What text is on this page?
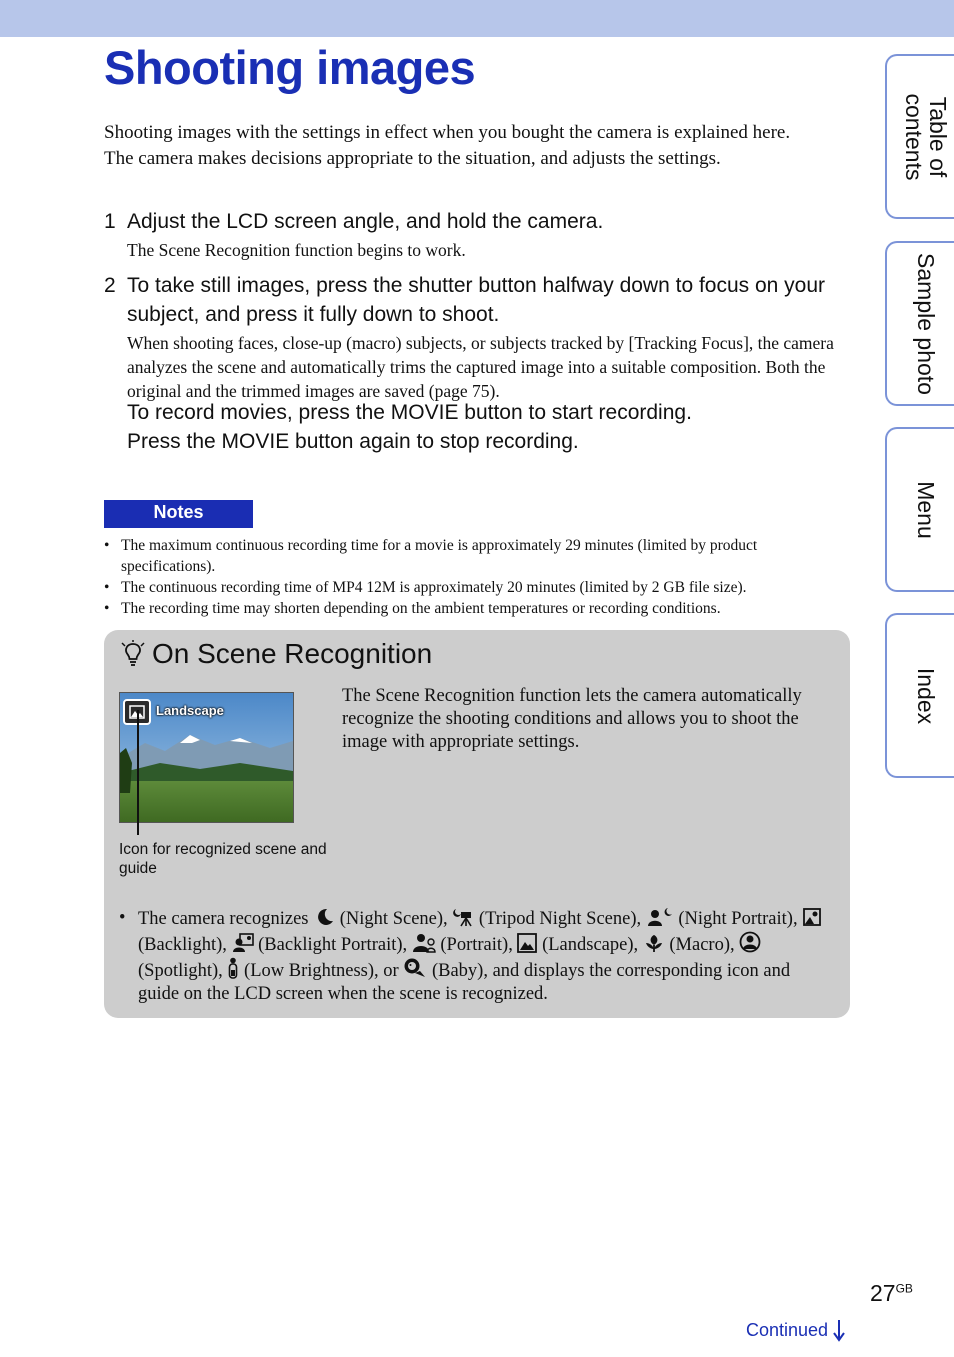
Shooting images

Shooting images with the settings in effect when you bought the camera is explained here.

The camera makes decisions appropriate to the situation, and adjusts the settings.

1 Adjust the LCD screen angle, and hold the camera.
The Scene Recognition function begins to work.
2 To take still images, press the shutter button halfway down to focus on your subject, and press it fully down to shoot.
When shooting faces, close-up (macro) subjects, or subjects tracked by [Tracking Focus], the camera analyzes the scene and automatically trims the captured image into a suitable composition. Both the original and the trimmed images are saved (page 75).
To record movies, press the MOVIE button to start recording.
Press the MOVIE button again to stop recording.
Notes
• The maximum continuous recording time for a movie is approximately 29 minutes (limited by product specifications).
• The continuous recording time of MP4 12M is approximately 20 minutes (limited by 2 GB file size).
• The recording time may shorten depending on the ambient temperatures or recording conditions.
On Scene Recognition
Landscape
Icon for recognized scene and guide
The Scene Recognition function lets the camera automatically recognize the shooting conditions and allows you to shoot the image with appropriate settings.
• The camera recognizes (Night Scene), (Tripod Night Scene), (Night Portrait),  (Backlight), (Backlight Portrait), (Portrait), (Landscape), (Macro),  (Spotlight), (Low Brightness), or (Baby), and displays the corresponding icon and guide on the LCD screen when the scene is recognized.
Table of contents
Sample photo
Menu
Index
$27^{GB}$
Continued
